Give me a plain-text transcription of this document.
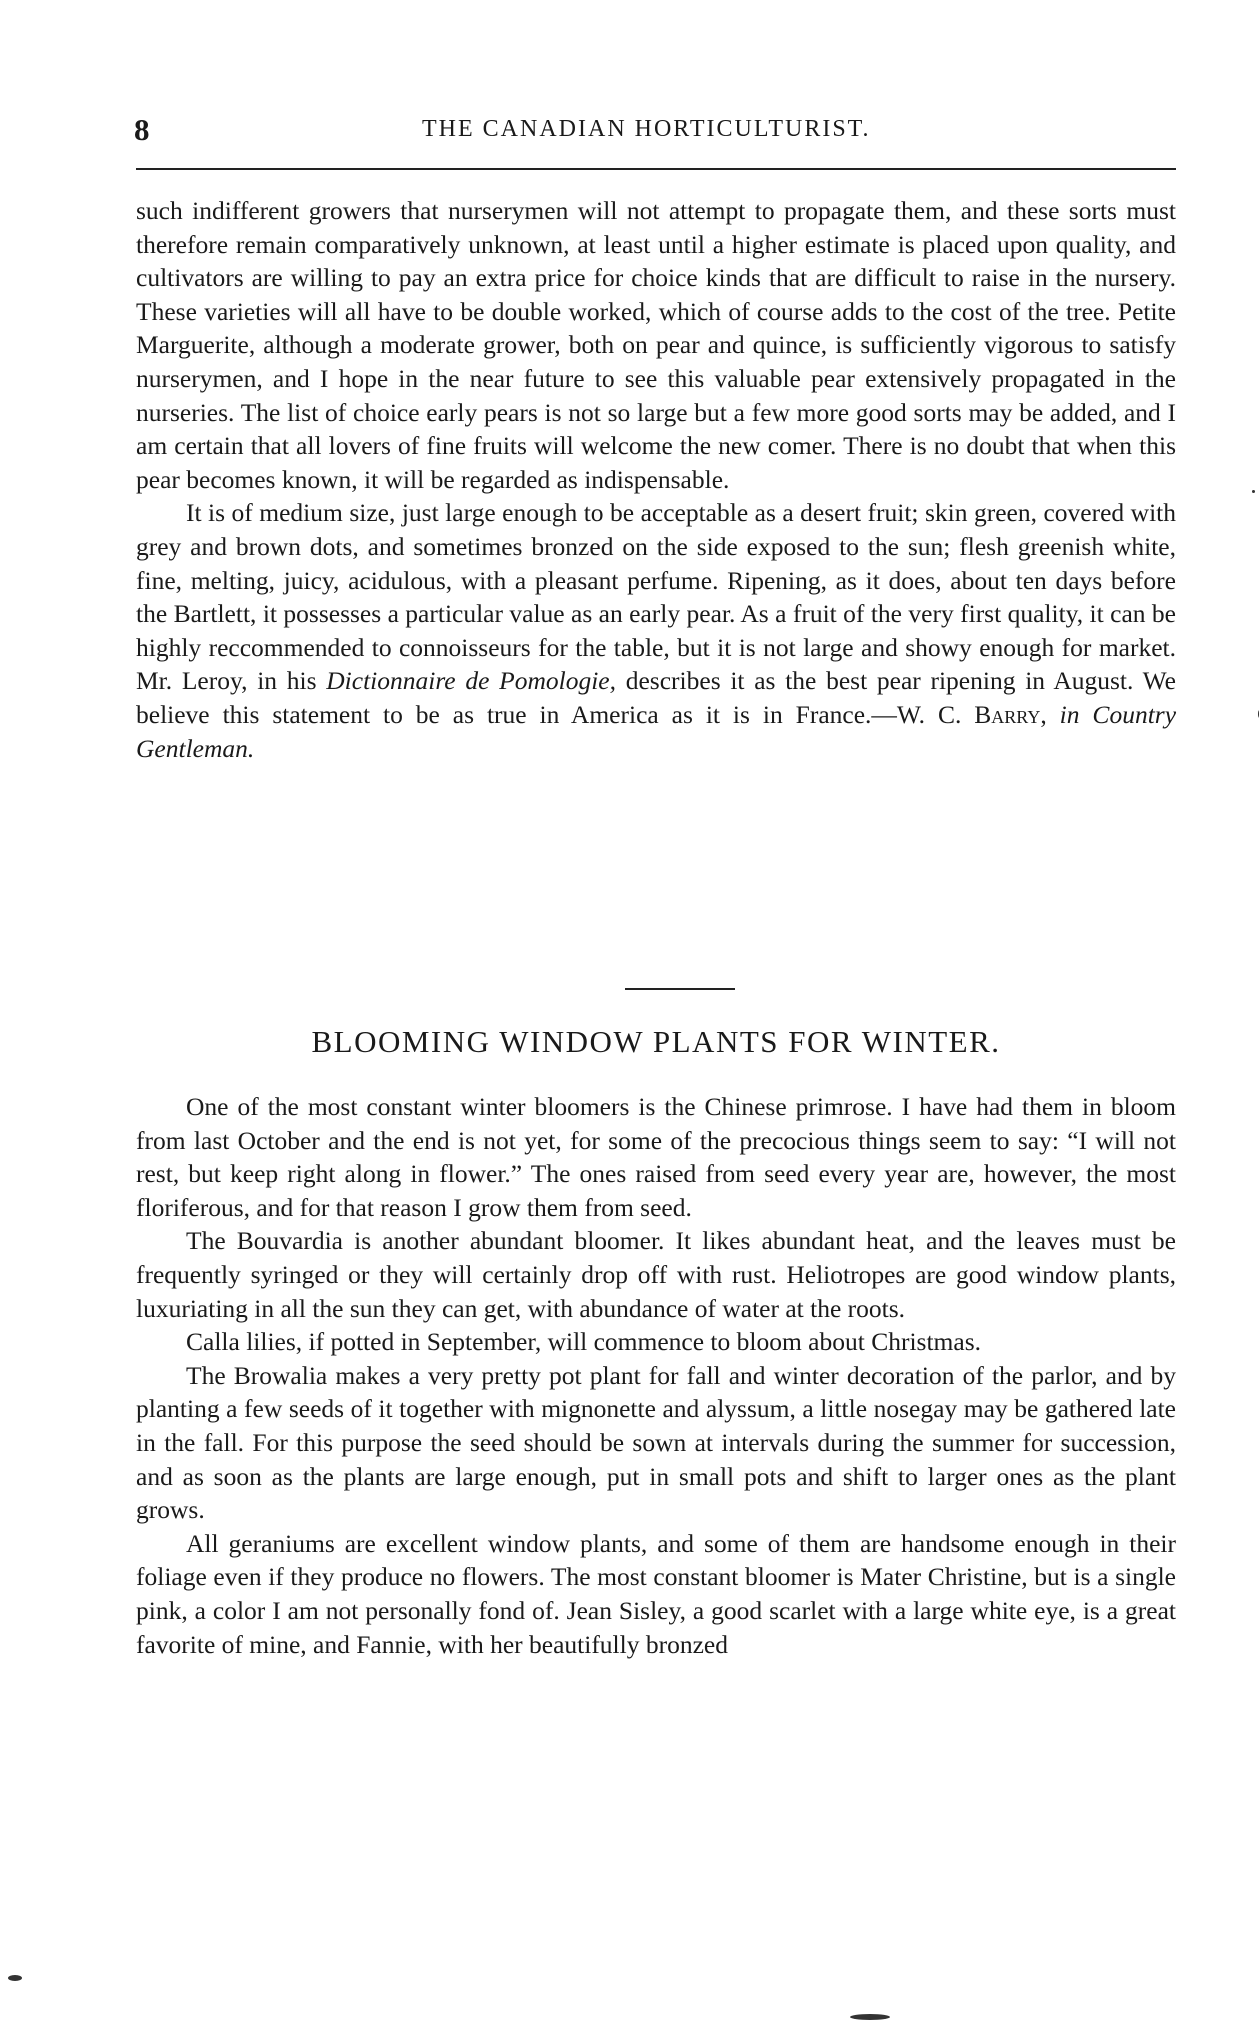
8	THE CANADIAN HORTICULTURIST.

such indifferent growers that nurserymen will not attempt to propagate them, and these sorts must therefore remain comparatively unknown, at least until a higher estimate is placed upon quality, and cultivators are willing to pay an extra price for choice kinds that are difficult to raise in the nursery. These varieties will all have to be double worked, which of course adds to the cost of the tree. Petite Marguerite, although a moderate grower, both on pear and quince, is sufficiently vigorous to satisfy nurserymen, and I hope in the near future to see this valuable pear extensively propagated in the nurseries. The list of choice early pears is not so large but a few more good sorts may be added, and I am certain that all lovers of fine fruits will welcome the new comer. There is no doubt that when this pear becomes known, it will be regarded as indispensable.

It is of medium size, just large enough to be acceptable as a desert fruit; skin green, covered with grey and brown dots, and sometimes bronzed on the side exposed to the sun; flesh greenish white, fine, melting, juicy, acidulous, with a pleasant perfume. Ripening, as it does, about ten days before the Bartlett, it possesses a particular value as an early pear. As a fruit of the very first quality, it can be highly reccommended to connoisseurs for the table, but it is not large and showy enough for market. Mr. Leroy, in his Dictionnaire de Pomologie, describes it as the best pear ripening in August. We believe this statement to be as true in America as it is in France.—W. C. Barry, in Country Gentleman.

BLOOMING WINDOW PLANTS FOR WINTER.

One of the most constant winter bloomers is the Chinese primrose. I have had them in bloom from last October and the end is not yet, for some of the precocious things seem to say: “I will not rest, but keep right along in flower.” The ones raised from seed every year are, however, the most floriferous, and for that reason I grow them from seed.

The Bouvardia is another abundant bloomer. It likes abundant heat, and the leaves must be frequently syringed or they will certainly drop off with rust. Heliotropes are good window plants, luxuriating in all the sun they can get, with abundance of water at the roots.

Calla lilies, if potted in September, will commence to bloom about Christmas.

The Browalia makes a very pretty pot plant for fall and winter decoration of the parlor, and by planting a few seeds of it together with mignonette and alyssum, a little nosegay may be gathered late in the fall. For this purpose the seed should be sown at intervals during the summer for succession, and as soon as the plants are large enough, put in small pots and shift to larger ones as the plant grows.

All geraniums are excellent window plants, and some of them are handsome enough in their foliage even if they produce no flowers. The most constant bloomer is Mater Christine, but is a single pink, a color I am not personally fond of. Jean Sisley, a good scarlet with a large white eye, is a great favorite of mine, and Fannie, with her beautifully bronzed
